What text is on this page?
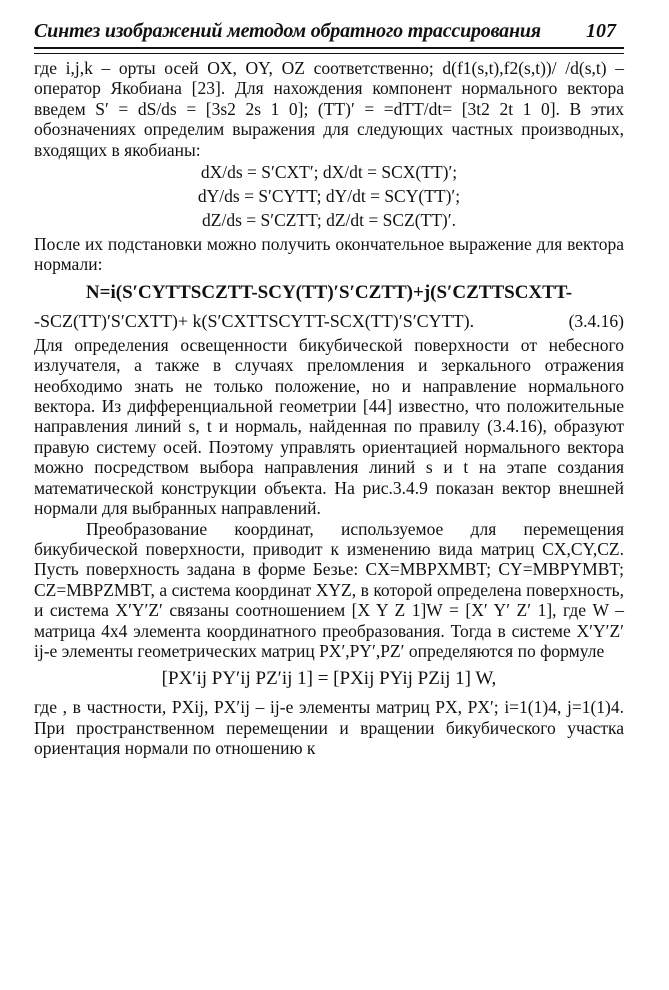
Синтез изображений методом обратного трассирования 107

где i,j,k – орты осей OX, OY, OZ соответственно; d(f1(s,t),f2(s,t))/ /d(s,t) – оператор Якобиана [23]. Для нахождения компонент нормального вектора введем S′ = dS/ds = [3s2 2s 1 0]; (TT)′ = =dTT/dt= [3t2 2t 1 0]. В этих обозначениях определим выражения для следующих частных производных, входящих в якобианы:

dX/ds = S′CXT′; dX/dt = SCX(TT)′;

dY/ds = S′CYTT; dY/dt = SCY(TT)′;

dZ/ds = S′CZTT; dZ/dt = SCZ(TT)′.

После их подстановки можно получить окончательное выражение для вектора нормали:

N=i(S′CYTTSCZTT-SCY(TT)′S′CZTT)+j(S′CZTTSCXTT-

-SCZ(TT)′S′CXTT)+ k(S′CXTTSCYTT-SCX(TT)′S′CYTT).	(3.4.16)

Для определения освещенности бикубической поверхности от небесного излучателя, а также в случаях преломления и зеркального отражения необходимо знать не только положение, но и направление нормального вектора. Из дифференциальной геометрии [44] известно, что положительные направления линий s, t и нормаль, найденная по правилу (3.4.16), образуют правую систему осей. Поэтому управлять ориентацией нормального вектора можно посредством выбора направления линий s и t на этапе создания математической конструкции объекта. На рис.3.4.9 показан вектор внешней нормали для выбранных направлений.

Преобразование координат, используемое для перемещения бикубической поверхности, приводит к изменению вида матриц CX,CY,CZ. Пусть поверхность задана в форме Безье: CX=MBPXMBT; CY=MBPYMBT; CZ=MBPZMBT, а система координат XYZ, в которой определена поверхность, и система X′Y′Z′ связаны соотношением [X Y Z 1]W = [X′ Y′ Z′ 1], где W – матрица 4x4 элемента координатного преобразования. Тогда в системе X′Y′Z′ ij-е элементы геометрических матриц PX′,PY′,PZ′ определяются по формуле

[PX′ij PY′ij PZ′ij 1] = [PXij PYij PZij 1] W,

где , в частности, PXij, PX′ij – ij-е элементы матриц PX, PX′; i=1(1)4, j=1(1)4. При пространственном перемещении и вращении бикубического участка ориентация нормали по отношению к
